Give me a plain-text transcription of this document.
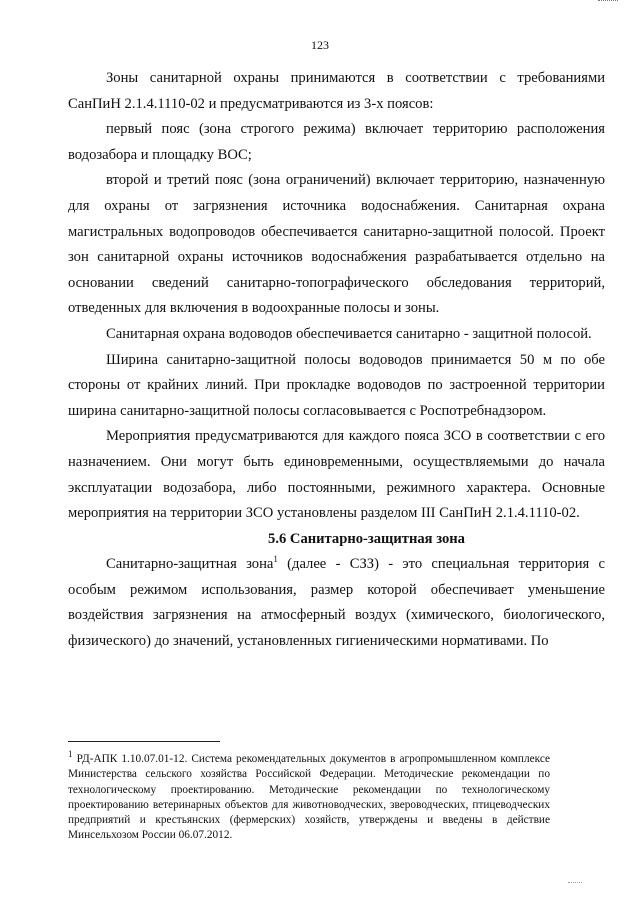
123

Зоны санитарной охраны принимаются в соответствии с требованиями СанПиН 2.1.4.1110-02 и предусматриваются из 3-х поясов:

первый пояс (зона строгого режима) включает территорию расположения водозабора и площадку ВОС;

второй и третий пояс (зона ограничений) включает территорию, назначенную для охраны от загрязнения источника водоснабжения. Санитарная охрана магистральных водопроводов обеспечивается санитарно-защитной полосой. Проект зон санитарной охраны источников водоснабжения разрабатывается отдельно на основании сведений санитарно-топографического обследования территорий, отведенных для включения в водоохранные полосы и зоны.

Санитарная охрана водоводов обеспечивается санитарно - защитной полосой.

Ширина санитарно-защитной полосы водоводов принимается 50 м по обе стороны от крайних линий. При прокладке водоводов по застроенной территории ширина санитарно-защитной полосы согласовывается с Роспотребнадзором.

Мероприятия предусматриваются для каждого пояса ЗСО в соответствии с его назначением. Они могут быть единовременными, осуществляемыми до начала эксплуатации водозабора, либо постоянными, режимного характера. Основные мероприятия на территории ЗСО установлены разделом III СанПиН 2.1.4.1110-02.

5.6 Санитарно-защитная зона

Санитарно-защитная зона$^1$ (далее - СЗЗ) - это специальная территория с особым режимом использования, размер которой обеспечивает уменьшение воздействия загрязнения на атмосферный воздух (химического, биологического, физического) до значений, установленных гигиеническими нормативами. По

$^1$ РД-АПК 1.10.07.01-12. Система рекомендательных документов в агропромышленном комплексе Министерства сельского хозяйства Российской Федерации. Методические рекомендации по технологическому проектированию. Методические рекомендации по технологическому проектированию ветеринарных объектов для животноводческих, звероводческих, птицеводческих предприятий и крестьянских (фермерских) хозяйств, утверждены и введены в действие Минсельхозом России 06.07.2012.
